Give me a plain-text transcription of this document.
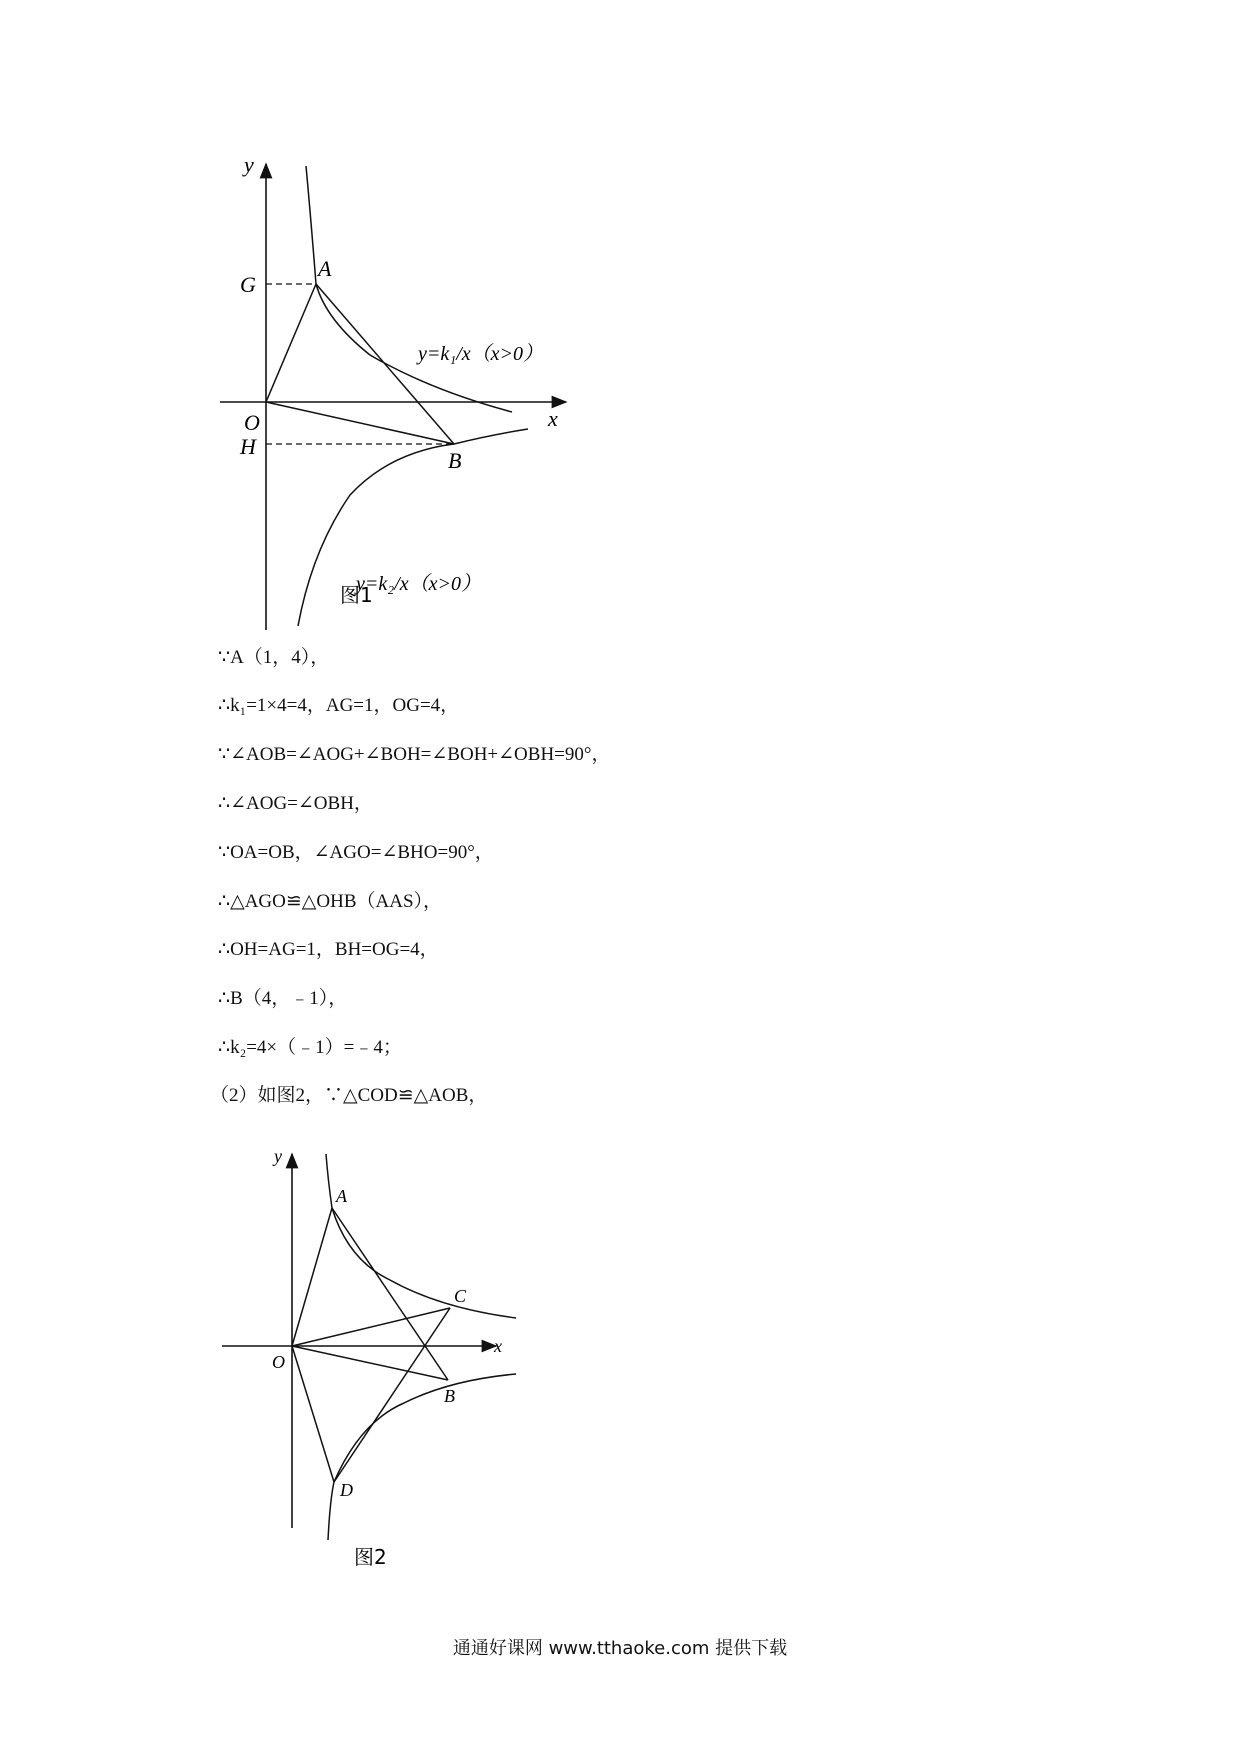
y
x
A
G
O
H
B
y=k₁/x（x>0）
y=k₂/x（x>0）
图1
∵A（1，4），
∴k₁=1×4=4，AG=1，OG=4，
∵∠AOB=∠AOG+∠BOH=∠BOH+∠OBH=90°，
∴∠AOG=∠OBH，
∵OA=OB，∠AGO=∠BHO=90°，
∴△AGO≌△OHB（AAS），
∴OH=AG=1，BH=OG=4，
∴B（4，﹣1），
∴k₂=4×（﹣1）=﹣4；
（2）如图2，∵△COD≌△AOB，
y
x
A
C
O
B
D
图2
通通好课网 www.tthaoke.com 提供下载
